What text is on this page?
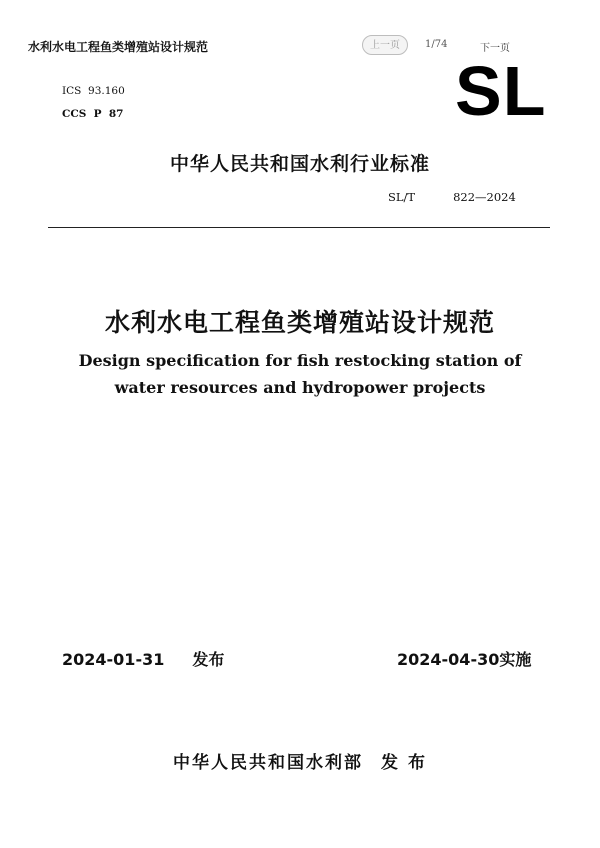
水利水电工程鱼类增殖站设计规范	上一页	1/74	下一页
ICS  93.160
CCS  P  87	SL
中华人民共和国水利行业标准
SL/T	822—2024
水利水电工程鱼类增殖站设计规范
Design specification for fish restocking station of
water resources and hydropower projects
2024-01-31 发布	2024-04-30实施
中华人民共和国水利部 发 布
